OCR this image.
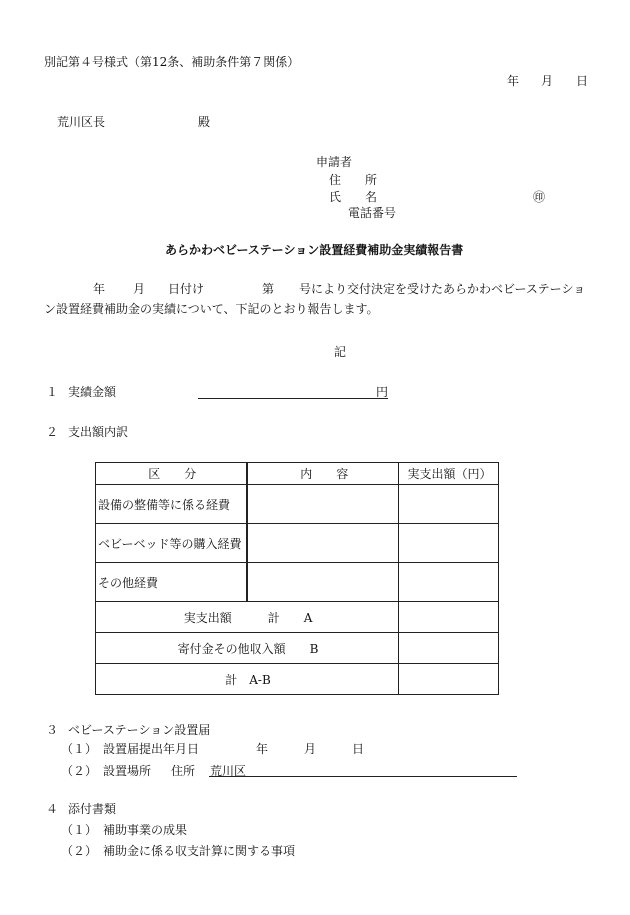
別記第４号様式（第12条、補助条件第７関係）
年 月 日
荒川区長	殿
申請者
住　　所
氏　　名	㊞
電話番号
あらかわベビーステーション設置経費補助金実績報告書
年 月 日付け	第 号により交付決定を受けたあらかわベビーステーショ
ン設置経費補助金の実績について、下記のとおり報告します。
記
１ 実績金額	円
２ 支出額内訳
区　　分	内　　容	実支出額（円）
設備の整備等に係る経費		
ベビーベッド等の購入経費		
その他経費		
実支出額　　　計　　A		
寄付金その他収入額　　B		
計　A-B		
３ ベビーステーション設置届
（１） 設置届提出年月日	年	月	日
（２） 設置場所 住所 荒川区
４ 添付書類
（１） 補助事業の成果
（２） 補助金に係る収支計算に関する事項
